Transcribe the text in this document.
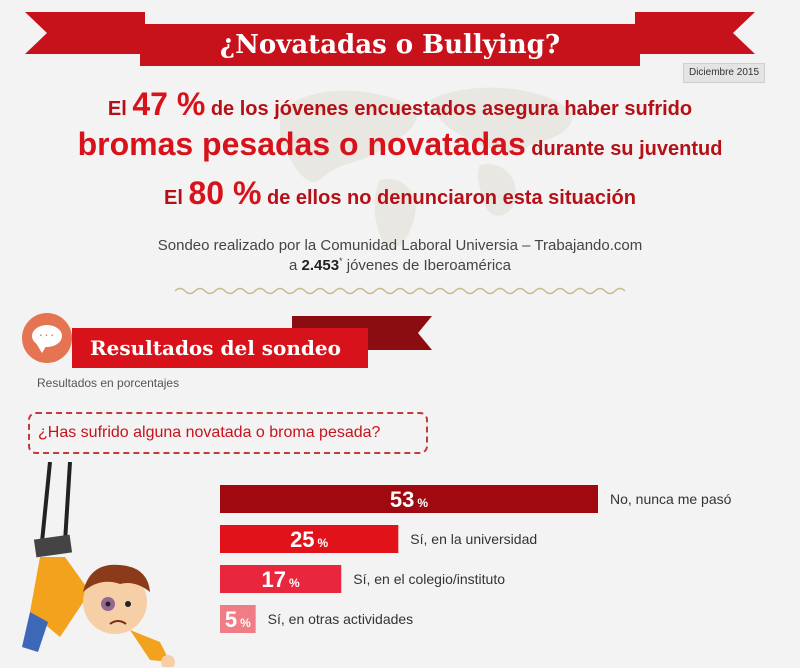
¿Novatadas o Bullying?
Diciembre 2015
El 47 % de los jóvenes encuestados asegura haber sufrido
bromas pesadas o novatadas durante su juventud
El 80 % de ellos no denunciaron esta situación
Sondeo realizado por la Comunidad Laboral Universia – Trabajando.com
a 2.453* jóvenes de Iberoamérica
···
Resultados del sondeo
Resultados en porcentajes
¿Has sufrido alguna novatada o broma pesada?
53 %	No, nunca me pasó
25 %	Sí, en la universidad
17 %	Sí, en el colegio/instituto
5 % Sí, en otras actividades
